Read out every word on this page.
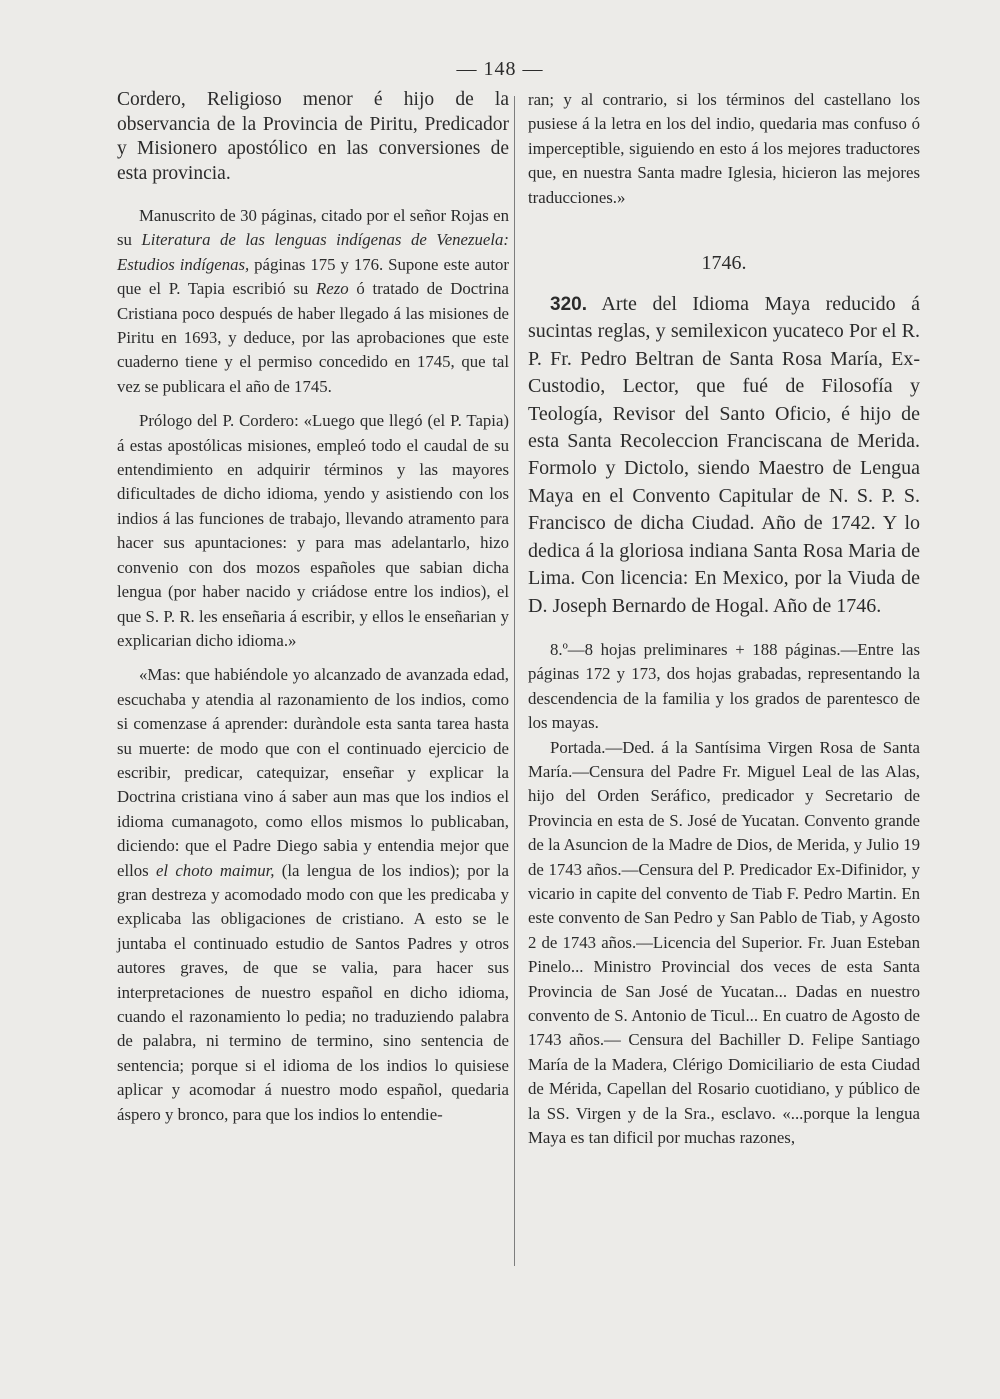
— 148 —

Cordero, Religioso menor é hijo de la observancia de la Provincia de Piritu, Predicador y Misionero apostólico en las conversiones de esta provincia.

Manuscrito de 30 páginas, citado por el señor Rojas en su Literatura de las lenguas indígenas de Venezuela: Estudios indígenas, páginas 175 y 176. Supone este autor que el P. Tapia escribió su Rezo ó tratado de Doctrina Cristiana poco después de haber llegado á las misiones de Piritu en 1693, y deduce, por las aprobaciones que este cuaderno tiene y el permiso concedido en 1745, que tal vez se publicara el año de 1745.

Prólogo del P. Cordero: «Luego que llegó (el P. Tapia) á estas apostólicas misiones, empleó todo el caudal de su entendimiento en adquirir términos y las mayores dificultades de dicho idioma, yendo y asistiendo con los indios á las funciones de trabajo, llevando atramento para hacer sus apuntaciones: y para mas adelantarlo, hizo convenio con dos mozos españoles que sabian dicha lengua (por haber nacido y criádose entre los indios), el que S. P. R. les enseñaria á escribir, y ellos le enseñarian y explicarian dicho idioma.»

«Mas: que habiéndole yo alcanzado de avanzada edad, escuchaba y atendia al razonamiento de los indios, como si comenzase á aprender: duràndole esta santa tarea hasta su muerte: de modo que con el continuado ejercicio de escribir, predicar, catequizar, enseñar y explicar la Doctrina cristiana vino á saber aun mas que los indios el idioma cumanagoto, como ellos mismos lo publicaban, diciendo: que el Padre Diego sabia y entendia mejor que ellos el choto maimur, (la lengua de los indios); por la gran destreza y acomodado modo con que les predicaba y explicaba las obligaciones de cristiano. A esto se le juntaba el continuado estudio de Santos Padres y otros autores graves, de que se valia, para hacer sus interpretaciones de nuestro español en dicho idioma, cuando el razonamiento lo pedia; no traduziendo palabra de palabra, ni termino de termino, sino sentencia de sentencia; porque si el idioma de los indios lo quisiese aplicar y acomodar á nuestro modo español, quedaria áspero y bronco, para que los indios lo entendie-

ran; y al contrario, si los términos del castellano los pusiese á la letra en los del indio, quedaria mas confuso ó imperceptible, siguiendo en esto á los mejores traductores que, en nuestra Santa madre Iglesia, hicieron las mejores traducciones.»

1746.

320. Arte del Idioma Maya reducido á sucintas reglas, y semilexicon yucateco Por el R. P. Fr. Pedro Beltran de Santa Rosa María, Ex-Custodio, Lector, que fué de Filosofía y Teología, Revisor del Santo Oficio, é hijo de esta Santa Recoleccion Franciscana de Merida. Formolo y Dictolo, siendo Maestro de Lengua Maya en el Convento Capitular de N. S. P. S. Francisco de dicha Ciudad. Año de 1742. Y lo dedica á la gloriosa indiana Santa Rosa Maria de Lima. Con licencia: En Mexico, por la Viuda de D. Joseph Bernardo de Hogal. Año de 1746.

8.º—8 hojas preliminares + 188 páginas.—Entre las páginas 172 y 173, dos hojas grabadas, representando la descendencia de la familia y los grados de parentesco de los mayas.

Portada.—Ded. á la Santísima Virgen Rosa de Santa María.—Censura del Padre Fr. Miguel Leal de las Alas, hijo del Orden Seráfico, predicador y Secretario de Provincia en esta de S. José de Yucatan. Convento grande de la Asuncion de la Madre de Dios, de Merida, y Julio 19 de 1743 años.—Censura del P. Predicador Ex-Difinidor, y vicario in capite del convento de Tiab F. Pedro Martin. En este convento de San Pedro y San Pablo de Tiab, y Agosto 2 de 1743 años.—Licencia del Superior. Fr. Juan Esteban Pinelo... Ministro Provincial dos veces de esta Santa Provincia de San José de Yucatan... Dadas en nuestro convento de S. Antonio de Ticul... En cuatro de Agosto de 1743 años.— Censura del Bachiller D. Felipe Santiago María de la Madera, Clérigo Domiciliario de esta Ciudad de Mérida, Capellan del Rosario cuotidiano, y público de la SS. Virgen y de la Sra., esclavo. «...porque la lengua Maya es tan dificil por muchas razones,
